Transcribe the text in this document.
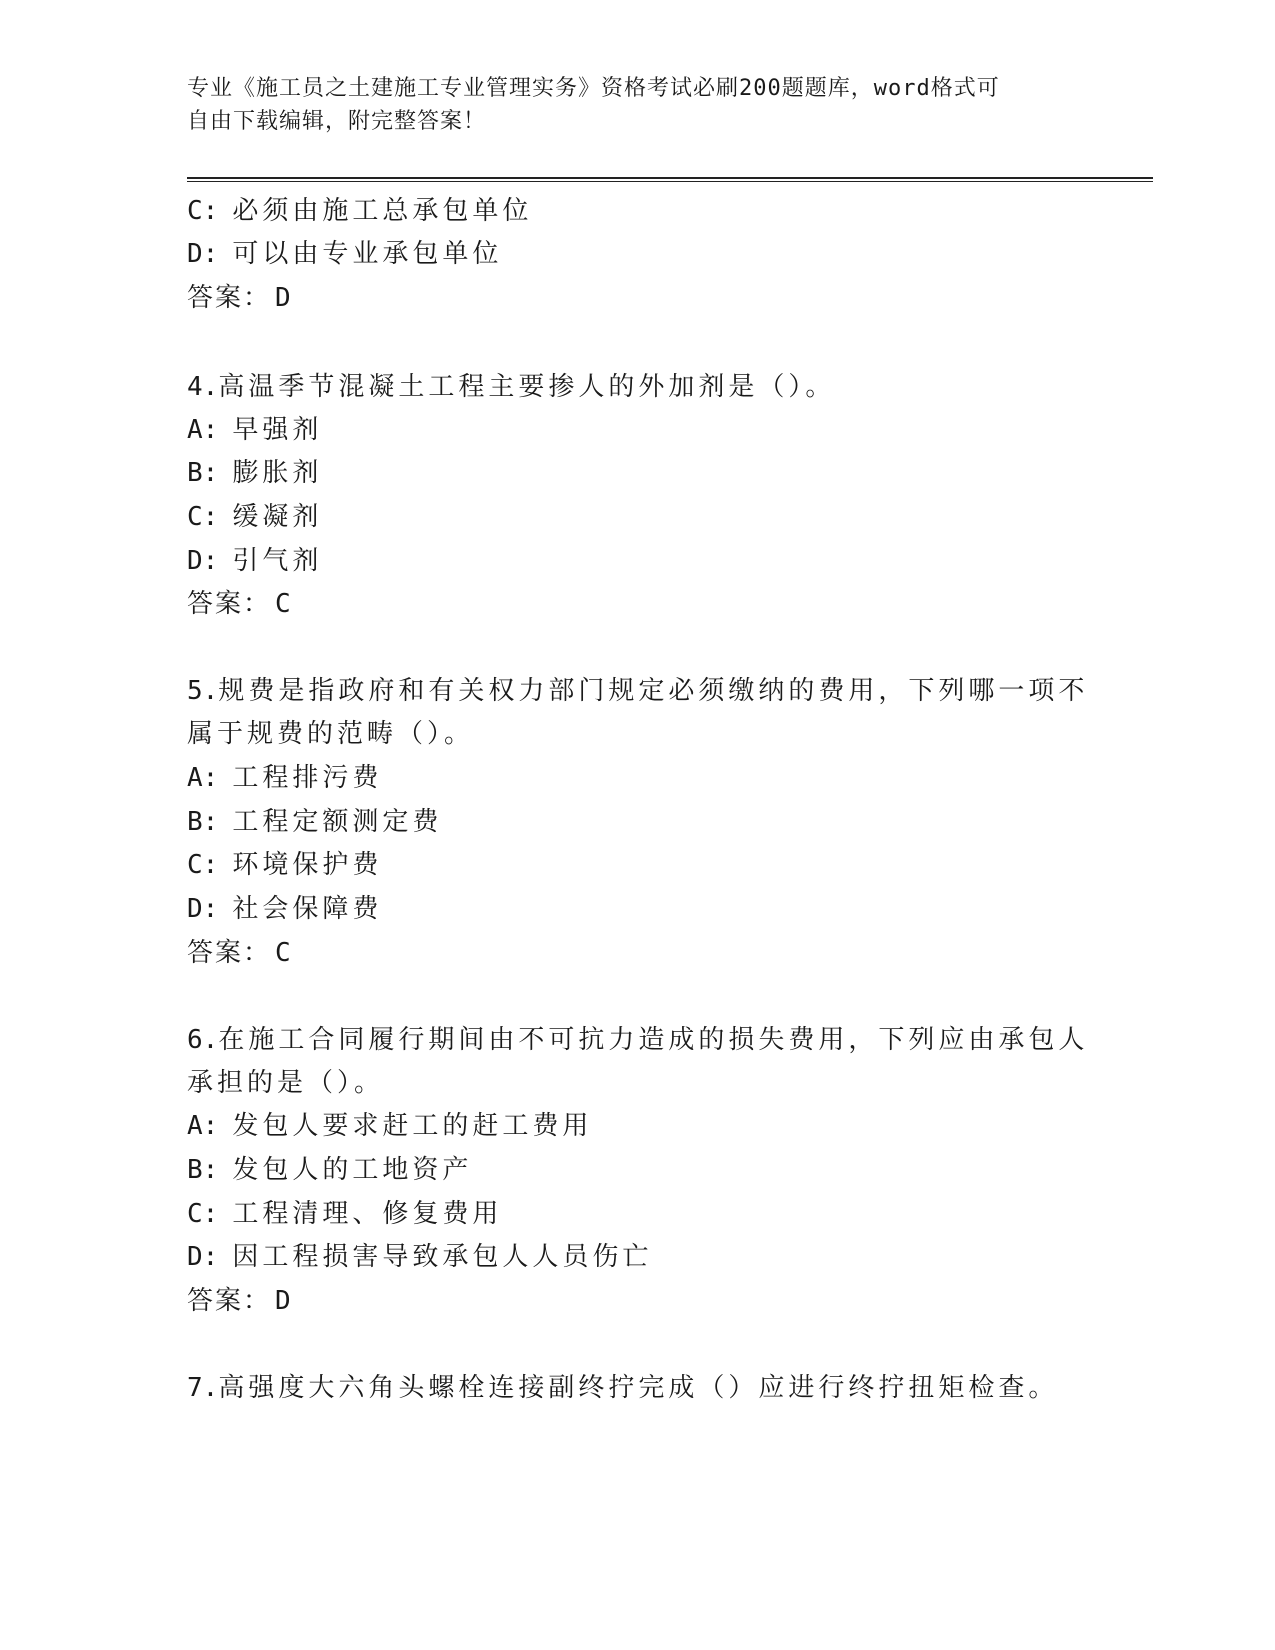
专业《施工员之土建施工专业管理实务》资格考试必刷200题题库，word格式可
自由下载编辑，附完整答案！
C: 必须由施工总承包单位
D: 可以由专业承包单位
答案： D
4.高温季节混凝土工程主要掺人的外加剂是（）。
A: 早强剂
B: 膨胀剂
C: 缓凝剂
D: 引气剂
答案： C
5.规费是指政府和有关权力部门规定必须缴纳的费用，下列哪一项不
属于规费的范畴（）。
A: 工程排污费
B: 工程定额测定费
C: 环境保护费
D: 社会保障费
答案： C
6.在施工合同履行期间由不可抗力造成的损失费用，下列应由承包人
承担的是（）。
A: 发包人要求赶工的赶工费用
B: 发包人的工地资产
C: 工程清理、修复费用
D: 因工程损害导致承包人人员伤亡
答案： D
7.高强度大六角头螺栓连接副终拧完成（）应进行终拧扭矩检查。
